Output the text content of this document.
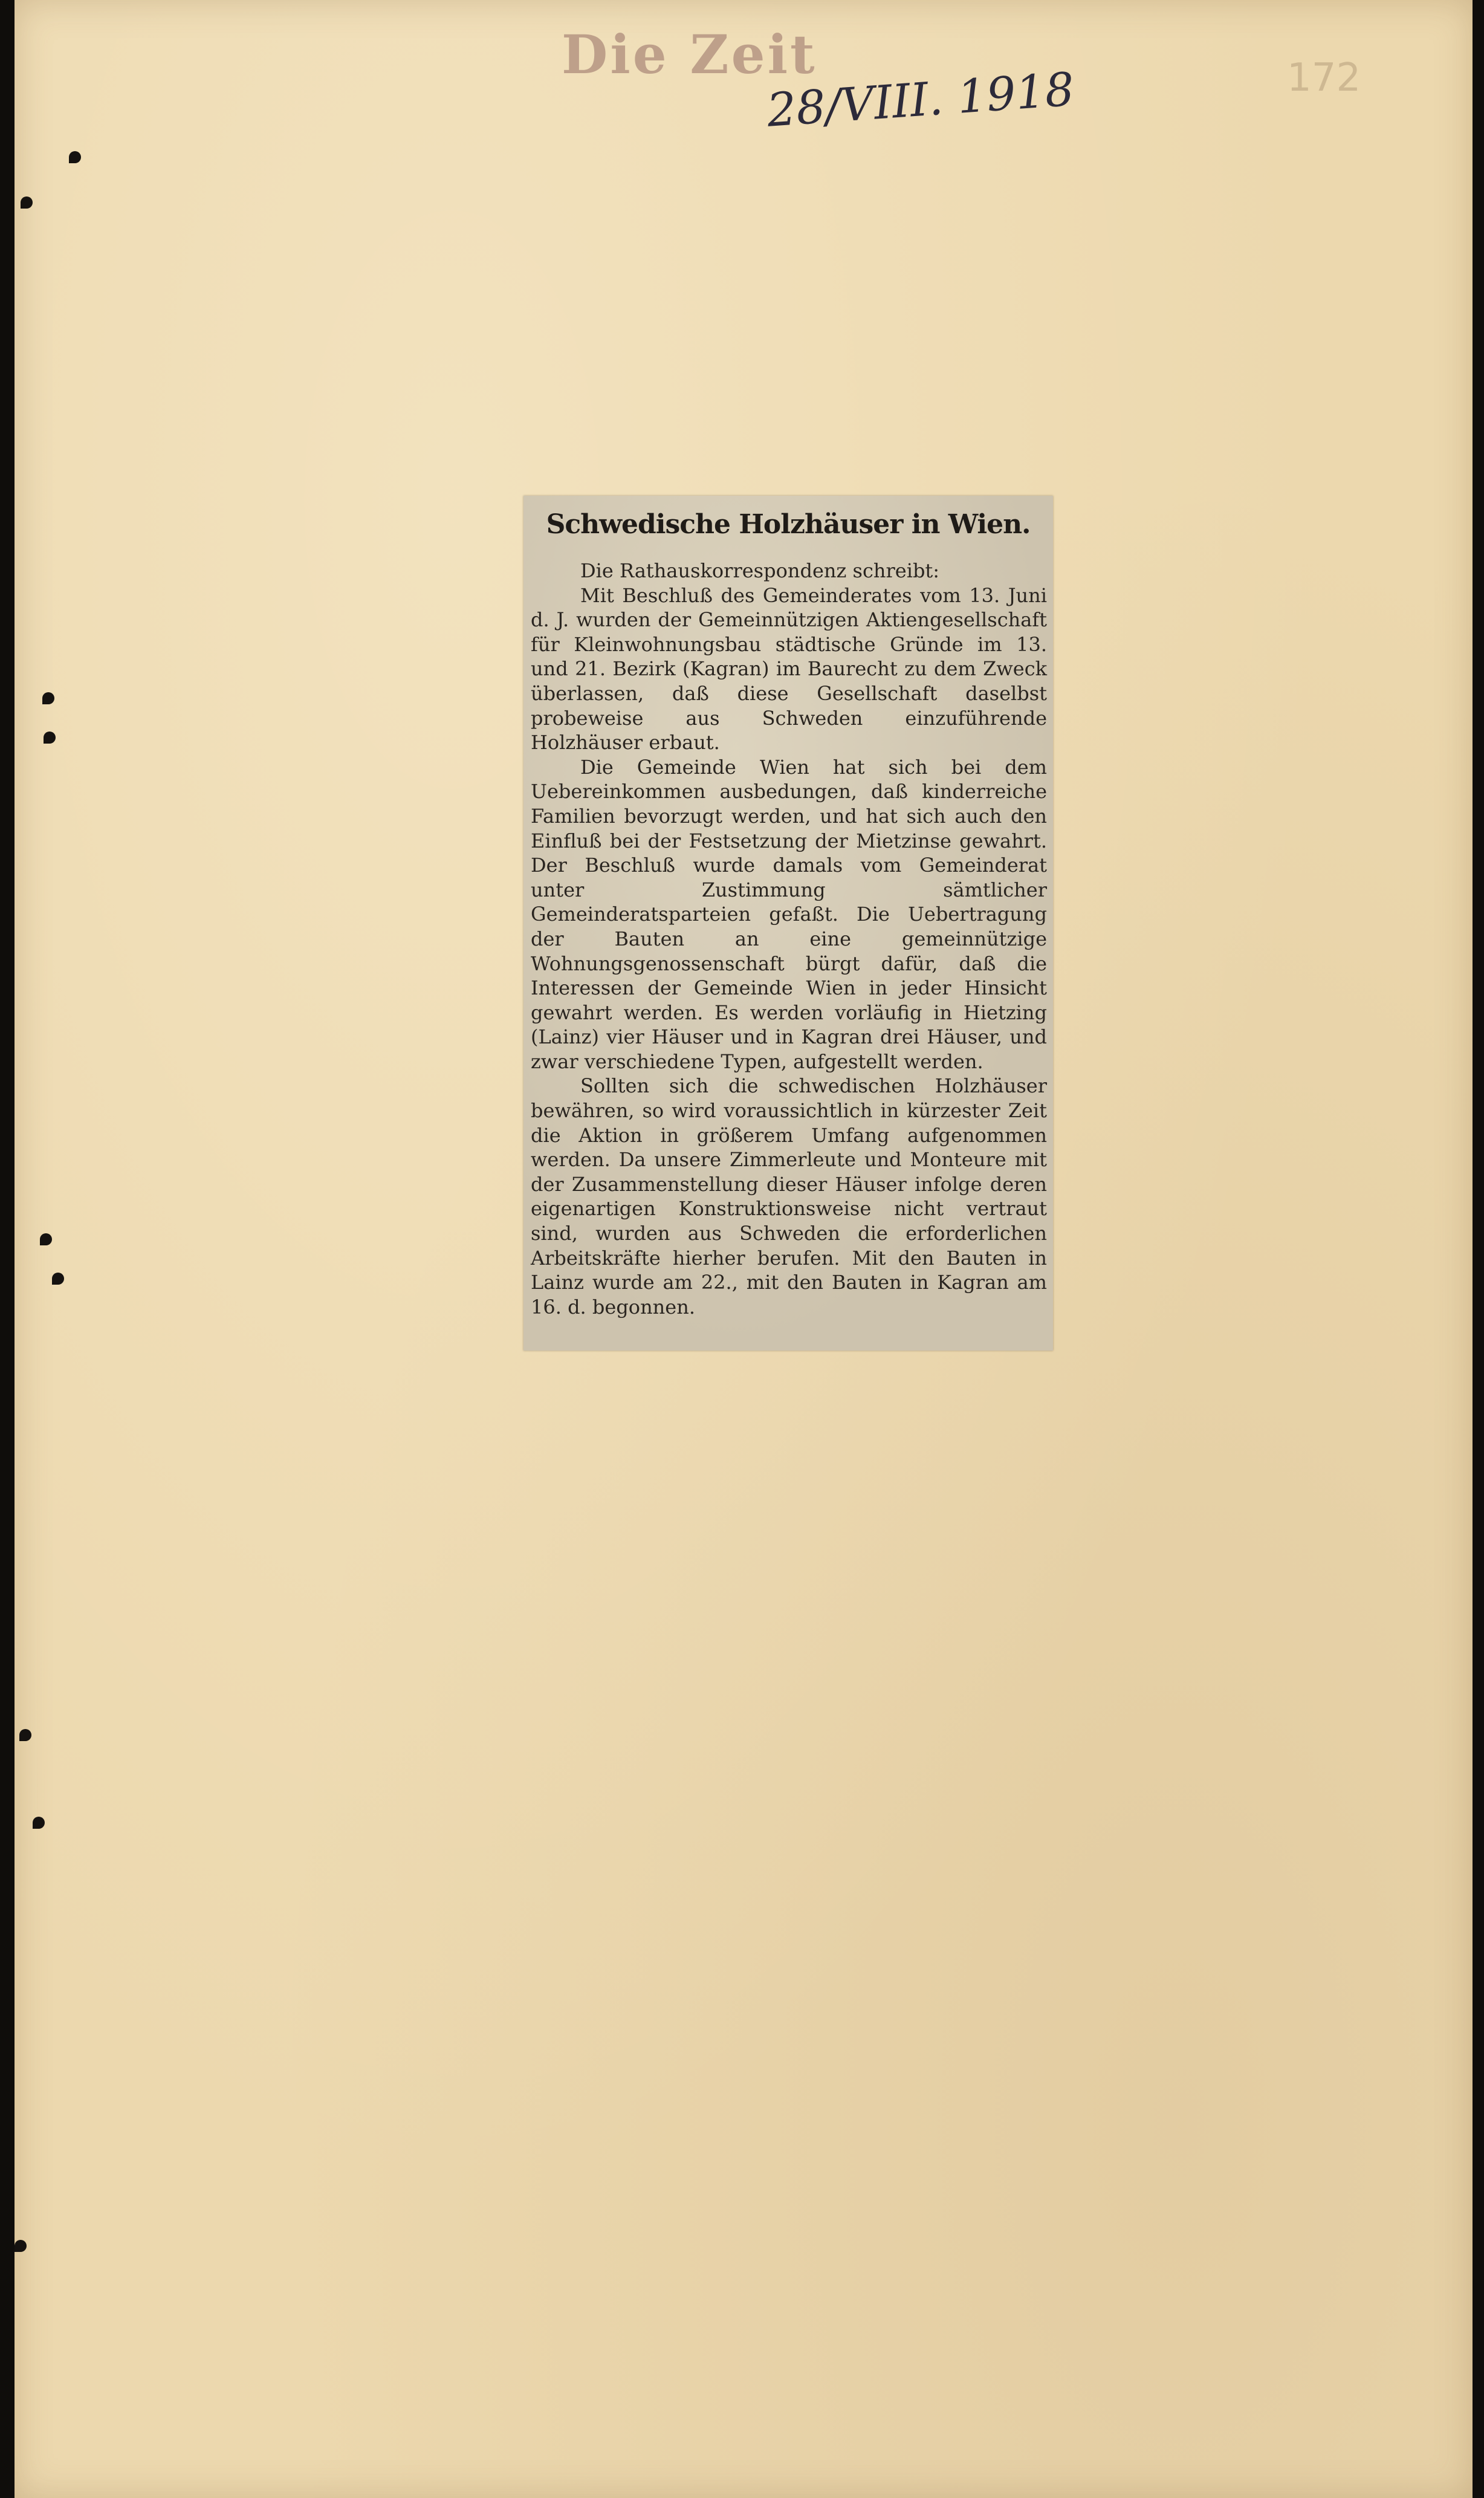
Die Zeit
28/VIII. 1918	172
Schwedische Holzhäuser in Wien.

Die Rathauskorrespondenz schreibt:

Mit Beschluß des Gemeinderates vom 13. Juni d. J. wurden der Gemeinnützigen Aktiengesellschaft für Kleinwohnungsbau städtische Gründe im 13. und 21. Bezirk (Kagran) im Baurecht zu dem Zweck überlassen, daß diese Gesellschaft daselbst probeweise aus Schweden einzuführende Holzhäuser erbaut.

Die Gemeinde Wien hat sich bei dem Uebereinkommen ausbedungen, daß kinderreiche Familien bevorzugt werden, und hat sich auch den Einfluß bei der Festsetzung der Mietzinse gewahrt. Der Beschluß wurde damals vom Gemeinderat unter Zustimmung sämtlicher Gemeinderatsparteien gefaßt. Die Uebertragung der Bauten an eine gemeinnützige Wohnungsgenossenschaft bürgt dafür, daß die Interessen der Gemeinde Wien in jeder Hinsicht gewahrt werden. Es werden vorläufig in Hietzing (Lainz) vier Häuser und in Kagran drei Häuser, und zwar verschiedene Typen, aufgestellt werden.

Sollten sich die schwedischen Holzhäuser bewähren, so wird voraussichtlich in kürzester Zeit die Aktion in größerem Umfang aufgenommen werden. Da unsere Zimmerleute und Monteure mit der Zusammenstellung dieser Häuser infolge deren eigenartigen Konstruktionsweise nicht vertraut sind, wurden aus Schweden die erforderlichen Arbeitskräfte hierher berufen. Mit den Bauten in Lainz wurde am 22., mit den Bauten in Kagran am 16. d. begonnen.
